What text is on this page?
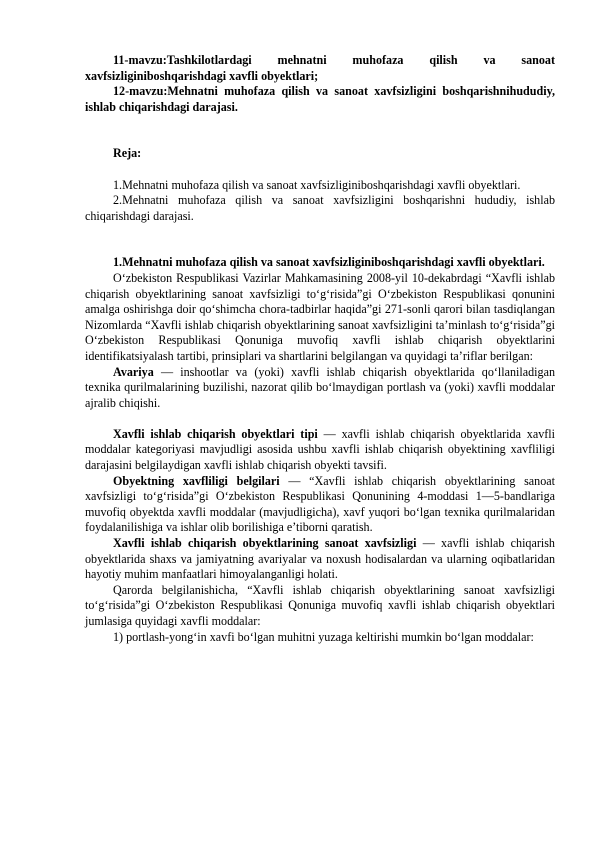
11-mavzu:Tashkilotlardagi mehnatni muhofaza qilish va sanoat xavfsizliginiboshqarishdagi xavfli obyektlari;

12-mavzu:Mehnatni muhofaza qilish va sanoat xavfsizligini boshqarishnihududiy, ishlab chiqarishdagi darajasi.

Reja:

1.Mehnatni muhofaza qilish va sanoat xavfsizliginiboshqarishdagi xavfli obyektlari.

2.Mehnatni muhofaza qilish va sanoat xavfsizligini boshqarishni hududiy, ishlab chiqarishdagi darajasi.

1.Mehnatni muhofaza qilish va sanoat xavfsizliginiboshqarishdagi xavfli obyektlari.

O‘zbekiston Respublikasi Vazirlar Mahkamasining 2008-yil 10-dekabrdagi “Xavfli ishlab chiqarish obyektlarining sanoat xavfsizligi to‘g‘risida”gi O‘zbekiston Respublikasi qonunini amalga oshirishga doir qo‘shimcha chora-tadbirlar haqida”gi 271-sonli qarori bilan tasdiqlangan Nizomlarda “Xavfli ishlab chiqarish obyektlarining sanoat xavfsizligini ta’minlash to‘g‘risida”gi O‘zbekiston Respublikasi Qonuniga muvofiq xavfli ishlab chiqarish obyektlarini identifikatsiyalash tartibi, prinsiplari va shartlarini belgilangan va quyidagi ta’riflar berilgan:

Avariya — inshootlar va (yoki) xavfli ishlab chiqarish obyektlarida qo‘llaniladigan texnika qurilmalarining buzilishi, nazorat qilib bo‘lmaydigan portlash va (yoki) xavfli moddalar ajralib chiqishi.

Xavfli ishlab chiqarish obyektlari tipi — xavfli ishlab chiqarish obyektlarida xavfli moddalar kategoriyasi mavjudligi asosida ushbu xavfli ishlab chiqarish obyektining xavfliligi darajasini belgilaydigan xavfli ishlab chiqarish obyekti tavsifi.

Obyektning xavfliligi belgilari — “Xavfli ishlab chiqarish obyektlarining sanoat xavfsizligi to‘g‘risida”gi O‘zbekiston Respublikasi Qonunining 4-moddasi 1—5-bandlariga muvofiq obyektda xavfli moddalar (mavjudligicha), xavf yuqori bo‘lgan texnika qurilmalaridan foydalanilishiga va ishlar olib borilishiga e’tiborni qaratish.

Xavfli ishlab chiqarish obyektlarining sanoat xavfsizligi — xavfli ishlab chiqarish obyektlarida shaxs va jamiyatning avariyalar va noxush hodisalardan va ularning oqibatlaridan hayotiy muhim manfaatlari himoyalanganligi holati.

Qarorda belgilanishicha, “Xavfli ishlab chiqarish obyektlarining sanoat xavfsizligi to‘g‘risida”gi O‘zbekiston Respublikasi Qonuniga muvofiq xavfli ishlab chiqarish obyektlari jumlasiga quyidagi xavfli moddalar:

1) portlash-yong‘in xavfi bo‘lgan muhitni yuzaga keltirishi mumkin bo‘lgan moddalar:
